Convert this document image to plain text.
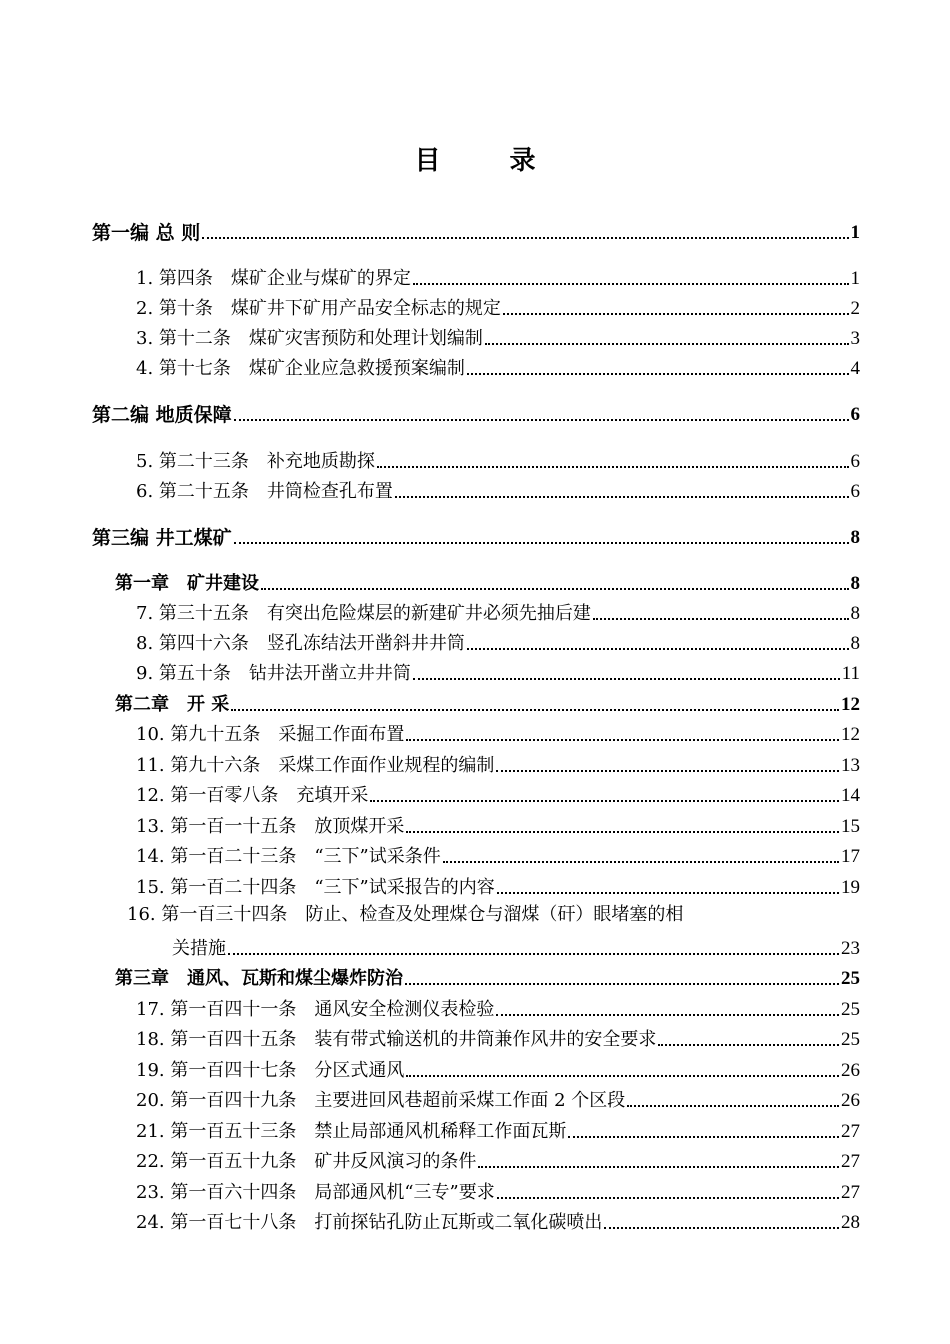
目 录
第一编 总 则	1
1. 第四条　煤矿企业与煤矿的界定	1
2. 第十条　煤矿井下矿用产品安全标志的规定	2
3. 第十二条　煤矿灾害预防和处理计划编制	3
4. 第十七条　煤矿企业应急救援预案编制	4
第二编 地质保障	6
5. 第二十三条　补充地质勘探	6
6. 第二十五条　井筒检查孔布置	6
第三编 井工煤矿	8
第一章　矿井建设	8
7. 第三十五条　有突出危险煤层的新建矿井必须先抽后建	8
8. 第四十六条　竖孔冻结法开凿斜井井筒	8
9. 第五十条　钻井法开凿立井井筒	11
第二章　开 采	12
10. 第九十五条　采掘工作面布置	12
11. 第九十六条　采煤工作面作业规程的编制	13
12. 第一百零八条　充填开采	14
13. 第一百一十五条　放顶煤开采	15
14. 第一百二十三条　“三下”试采条件	17
15. 第一百二十四条　“三下”试采报告的内容	19
16. 第一百三十四条　防止、检查及处理煤仓与溜煤（矸）眼堵塞的相
关措施	23
第三章　通风、瓦斯和煤尘爆炸防治	25
17. 第一百四十一条　通风安全检测仪表检验	25
18. 第一百四十五条　装有带式输送机的井筒兼作风井的安全要求	25
19. 第一百四十七条　分区式通风	26
20. 第一百四十九条　主要进回风巷超前采煤工作面 2 个区段	26
21. 第一百五十三条　禁止局部通风机稀释工作面瓦斯	27
22. 第一百五十九条　矿井反风演习的条件	27
23. 第一百六十四条　局部通风机“三专”要求	27
24. 第一百七十八条　打前探钻孔防止瓦斯或二氧化碳喷出	28
